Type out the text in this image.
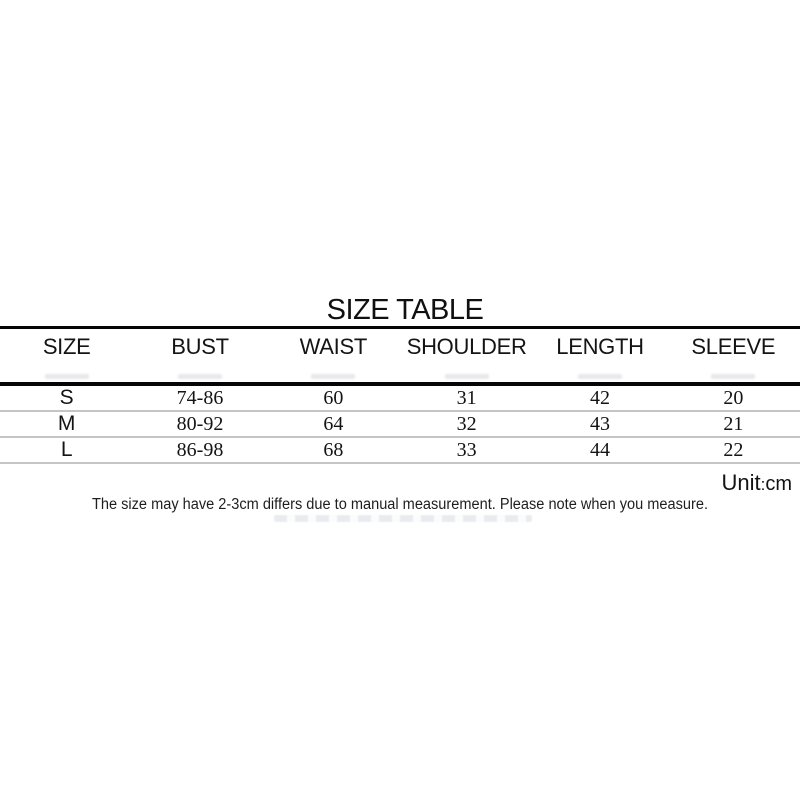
SIZE TABLE
SIZE	BUST	WAIST	SHOULDER	LENGTH	SLEEVE
S	74-86	60	31	42	20
M	80-92	64	32	43	21
L	86-98	68	33	44	22
Unit:cm

The size may have 2-3cm differs due to manual measurement. Please note when you measure.
